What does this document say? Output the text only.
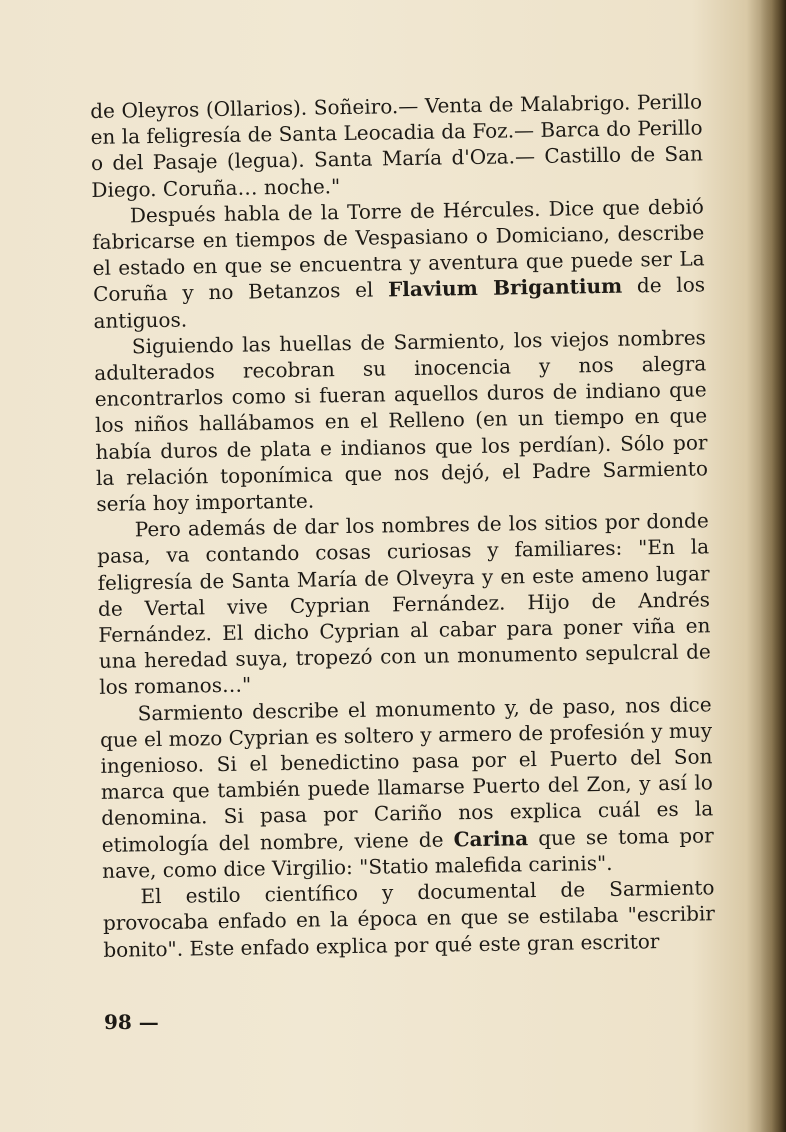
de Oleyros (Ollarios). Soñeiro.— Venta de Malabrigo. Perillo en la feligresía de Santa Leocadia da Foz.— Barca do Perillo o del Pasaje (legua). Santa María d'Oza.— Castillo de San Diego. Coruña… noche."

Después habla de la Torre de Hércules. Dice que debió fabricarse en tiempos de Vespasiano o Domiciano, describe el estado en que se encuentra y aventura que puede ser La Coruña y no Betanzos el Flavium Brigantium de los antiguos.

Siguiendo las huellas de Sarmiento, los viejos nombres adulterados recobran su inocencia y nos alegra encontrarlos como si fueran aquellos duros de indiano que los niños hallábamos en el Relleno (en un tiempo en que había duros de plata e indianos que los perdían). Sólo por la relación toponímica que nos dejó, el Padre Sarmiento sería hoy importante.

Pero además de dar los nombres de los sitios por donde pasa, va contando cosas curiosas y familiares: "En la feligresía de Santa María de Olveyra y en este ameno lugar de Vertal vive Cyprian Fernández. Hijo de Andrés Fernández. El dicho Cyprian al cabar para poner viña en una heredad suya, tropezó con un monumento sepulcral de los romanos…"

Sarmiento describe el monumento y, de paso, nos dice que el mozo Cyprian es soltero y armero de profesión y muy ingenioso. Si el benedictino pasa por el Puerto del Son marca que también puede llamarse Puerto del Zon, y así lo denomina. Si pasa por Cariño nos explica cuál es la etimología del nombre, viene de Carina que se toma por nave, como dice Virgilio: "Statio malefida carinis".

El estilo científico y documental de Sarmiento provocaba enfado en la época en que se estilaba "escribir bonito". Este enfado explica por qué este gran escritor

98 —
